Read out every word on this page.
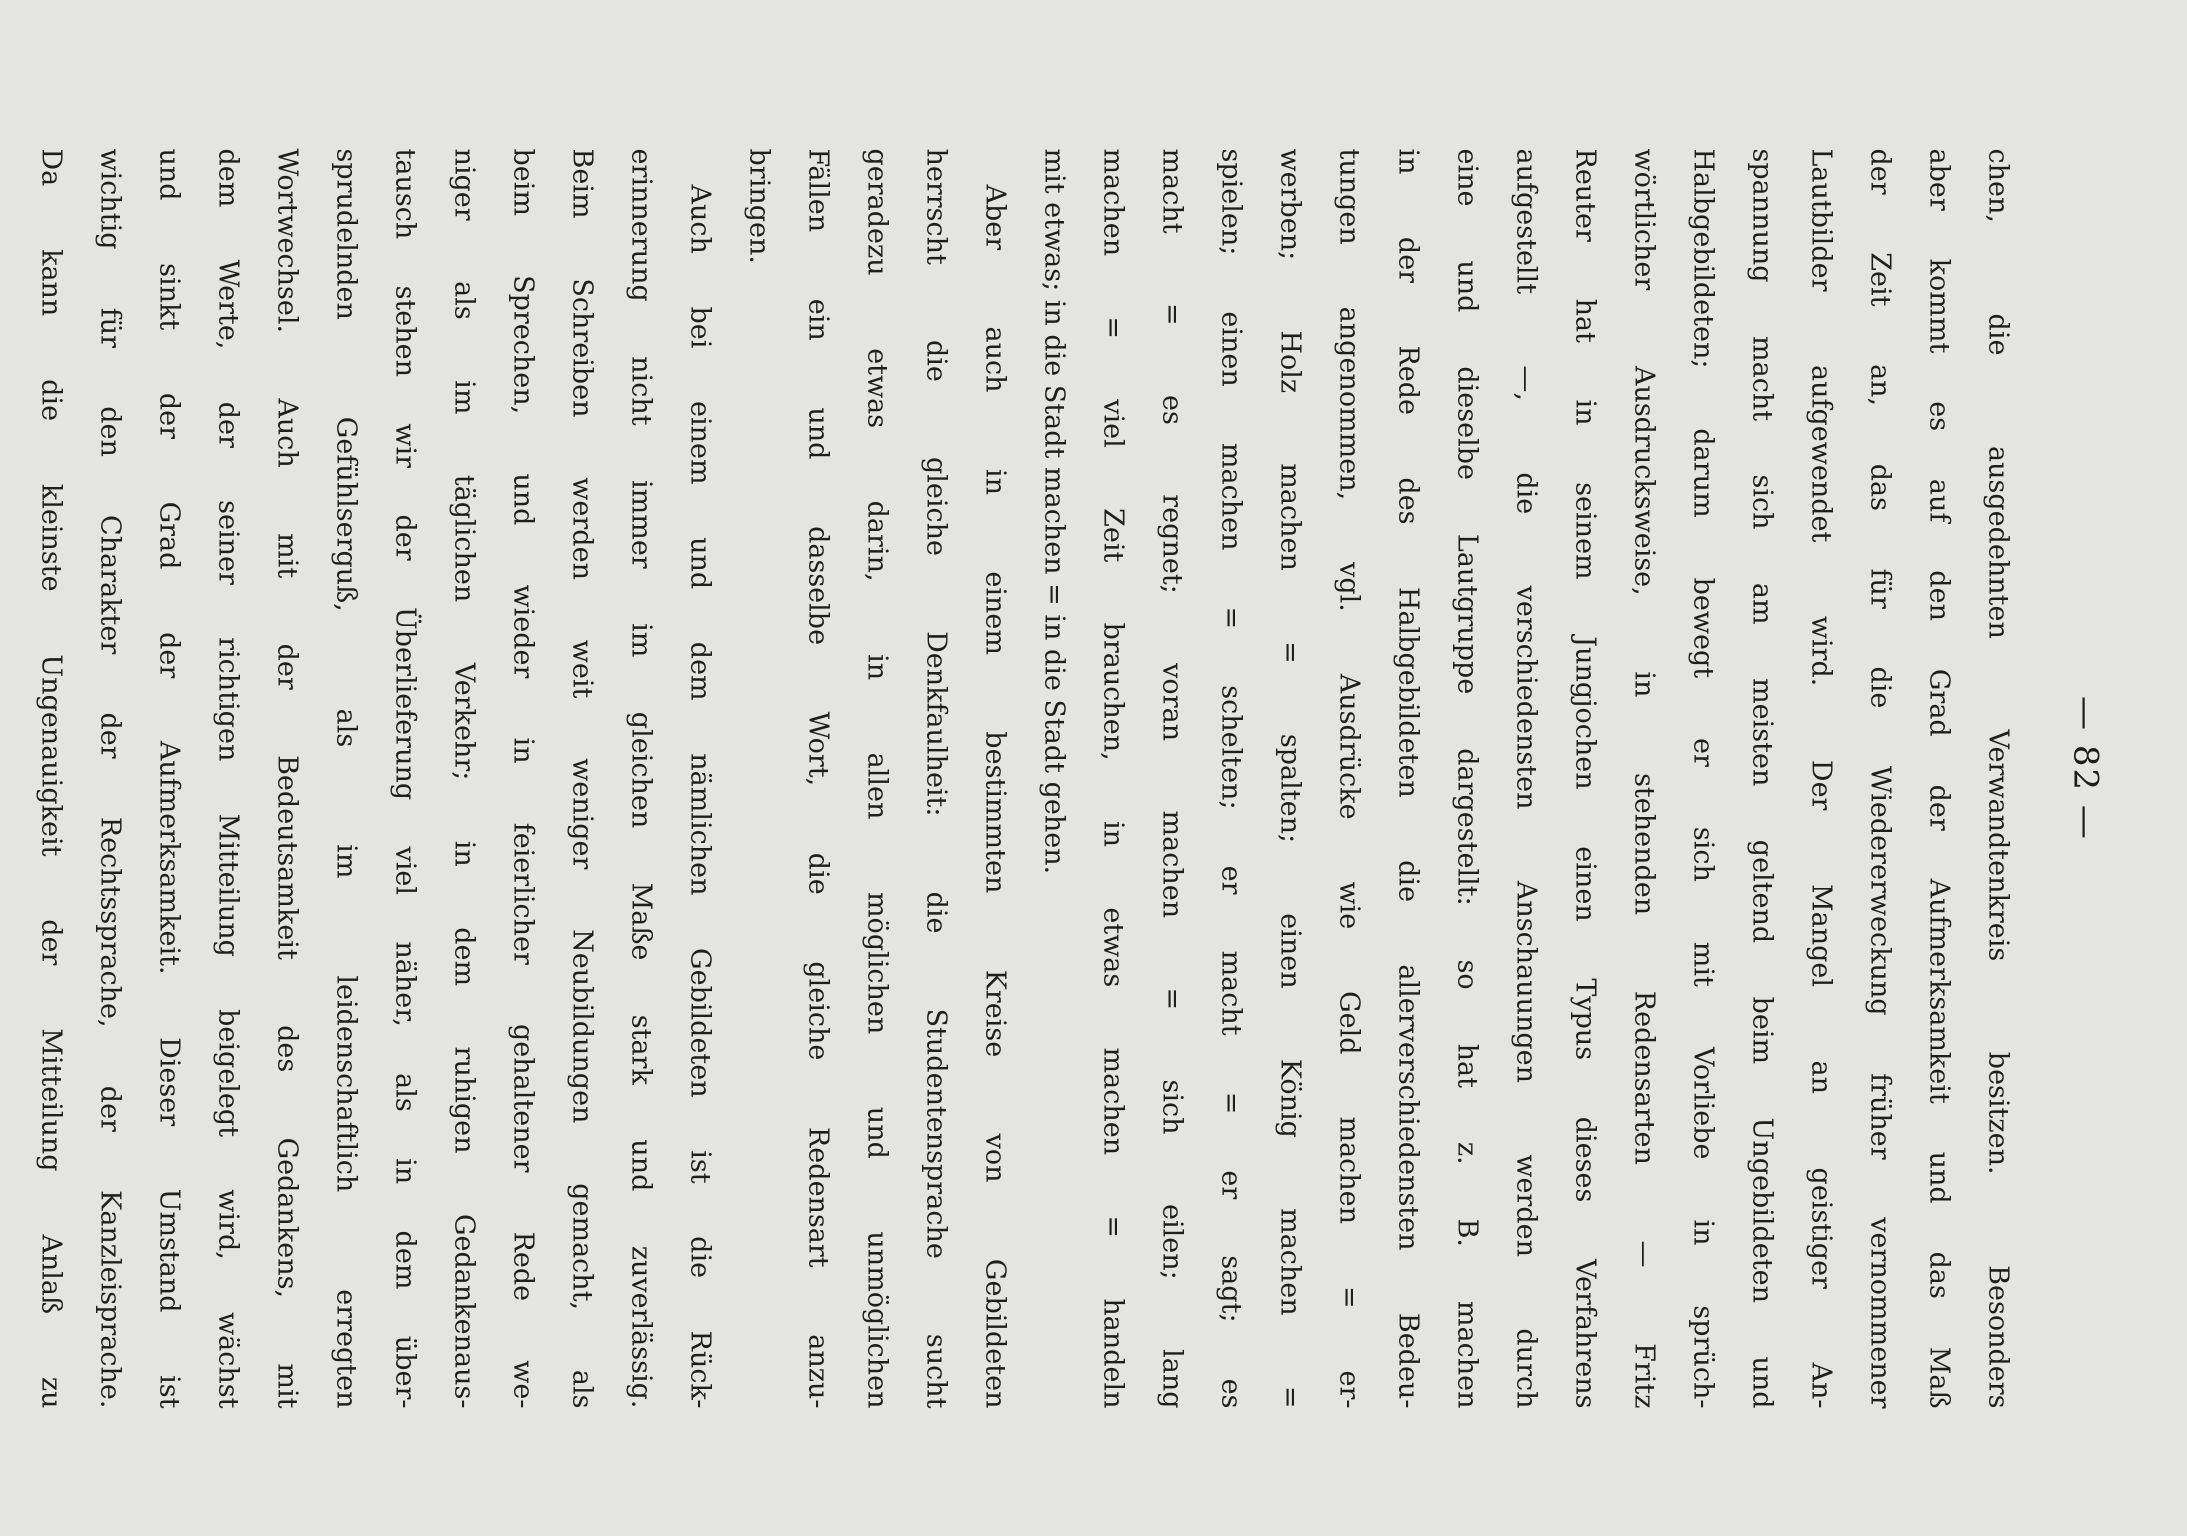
— 82 —
chen, die ausgedehnten Verwandtenkreis besitzen. Besonders
aber kommt es auf den Grad der Aufmerksamkeit und das Maß
der Zeit an, das für die Wiedererweckung früher vernommener
Lautbilder aufgewendet wird. Der Mangel an geistiger An-
spannung macht sich am meisten geltend beim Ungebildeten und
Halbgebildeten; darum bewegt er sich mit Vorliebe in sprüch-
wörtlicher Ausdrucksweise, in stehenden Redensarten — Fritz
Reuter hat in seinem Jungjochen einen Typus dieses Verfahrens
aufgestellt —, die verschiedensten Anschauungen werden durch
eine und dieselbe Lautgruppe dargestellt: so hat z. B. machen
in der Rede des Halbgebildeten die allerverschiedensten Bedeu-
tungen angenommen, vgl. Ausdrücke wie Geld machen = er-
werben; Holz machen = spalten; einen König machen =
spielen; einen machen = schelten; er macht = er sagt; es
macht = es regnet; voran machen = sich eilen; lang
machen = viel Zeit brauchen, in etwas machen = handeln
mit etwas; in die Stadt machen = in die Stadt gehen.
Aber auch in einem bestimmten Kreise von Gebildeten
herrscht die gleiche Denkfaulheit: die Studentensprache sucht
geradezu etwas darin, in allen möglichen und unmöglichen
Fällen ein und dasselbe Wort, die gleiche Redensart anzu-
bringen.
Auch bei einem und dem nämlichen Gebildeten ist die Rück-
erinnerung nicht immer im gleichen Maße stark und zuverlässig.
Beim Schreiben werden weit weniger Neubildungen gemacht, als
beim Sprechen, und wieder in feierlicher gehaltener Rede we-
niger als im täglichen Verkehr; in dem ruhigen Gedankenaus-
tausch stehen wir der Überlieferung viel näher, als in dem über-
sprudelnden Gefühlserguß, als im leidenschaftlich erregten
Wortwechsel. Auch mit der Bedeutsamkeit des Gedankens, mit
dem Werte, der seiner richtigen Mitteilung beigelegt wird, wächst
und sinkt der Grad der Aufmerksamkeit. Dieser Umstand ist
wichtig für den Charakter der Rechtssprache, der Kanzleisprache.
Da kann die kleinste Ungenauigkeit der Mitteilung Anlaß zu
